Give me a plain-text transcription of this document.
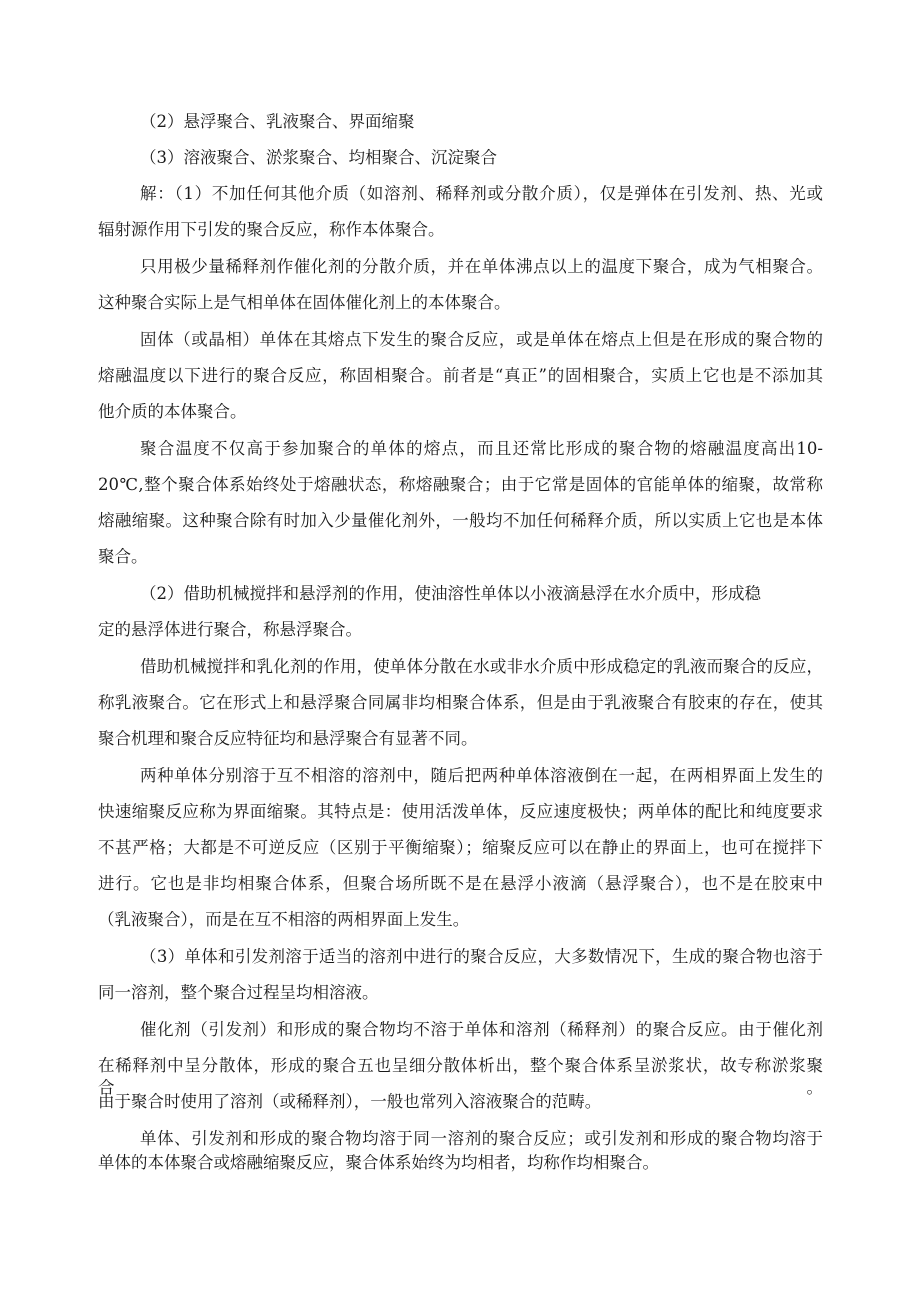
（2）悬浮聚合、乳液聚合、界面缩聚

（3）溶液聚合、淤浆聚合、均相聚合、沉淀聚合

解：（1）不加任何其他介质（如溶剂、稀释剂或分散介质），仅是弹体在引发剂、热、光或

辐射源作用下引发的聚合反应，称作本体聚合。

只用极少量稀释剂作催化剂的分散介质，并在单体沸点以上的温度下聚合，成为气相聚合。

这种聚合实际上是气相单体在固体催化剂上的本体聚合。

固体（或晶相）单体在其熔点下发生的聚合反应，或是单体在熔点上但是在形成的聚合物的

熔融温度以下进行的聚合反应，称固相聚合。前者是“真正”的固相聚合，实质上它也是不添加其

他介质的本体聚合。

聚合温度不仅高于参加聚合的单体的熔点，而且还常比形成的聚合物的熔融温度高出10-

20℃,整个聚合体系始终处于熔融状态，称熔融聚合；由于它常是固体的官能单体的缩聚，故常称

熔融缩聚。这种聚合除有时加入少量催化剂外，一般均不加任何稀释介质，所以实质上它也是本体

聚合。

（2）借助机械搅拌和悬浮剂的作用，使油溶性单体以小液滴悬浮在水介质中，形成稳

定的悬浮体进行聚合，称悬浮聚合。

借助机械搅拌和乳化剂的作用，使单体分散在水或非水介质中形成稳定的乳液而聚合的反应，

称乳液聚合。它在形式上和悬浮聚合同属非均相聚合体系，但是由于乳液聚合有胶束的存在，使其

聚合机理和聚合反应特征均和悬浮聚合有显著不同。

两种单体分别溶于互不相溶的溶剂中，随后把两种单体溶液倒在一起，在两相界面上发生的

快速缩聚反应称为界面缩聚。其特点是：使用活泼单体，反应速度极快；两单体的配比和纯度要求

不甚严格；大都是不可逆反应（区别于平衡缩聚）；缩聚反应可以在静止的界面上，也可在搅拌下

进行。它也是非均相聚合体系，但聚合场所既不是在悬浮小液滴（悬浮聚合），也不是在胶束中

（乳液聚合），而是在互不相溶的两相界面上发生。

（3）单体和引发剂溶于适当的溶剂中进行的聚合反应，大多数情况下，生成的聚合物也溶于

同一溶剂，整个聚合过程呈均相溶液。

催化剂（引发剂）和形成的聚合物均不溶于单体和溶剂（稀释剂）的聚合反应。由于催化剂

在稀释剂中呈分散体，形成的聚合五也呈细分散体析出，整个聚合体系呈淤浆状，故专称淤浆聚合。

由于聚合时使用了溶剂（或稀释剂），一般也常列入溶液聚合的范畴。

单体、引发剂和形成的聚合物均溶于同一溶剂的聚合反应；或引发剂和形成的聚合物均溶于

单体的本体聚合或熔融缩聚反应，聚合体系始终为均相者，均称作均相聚合。
